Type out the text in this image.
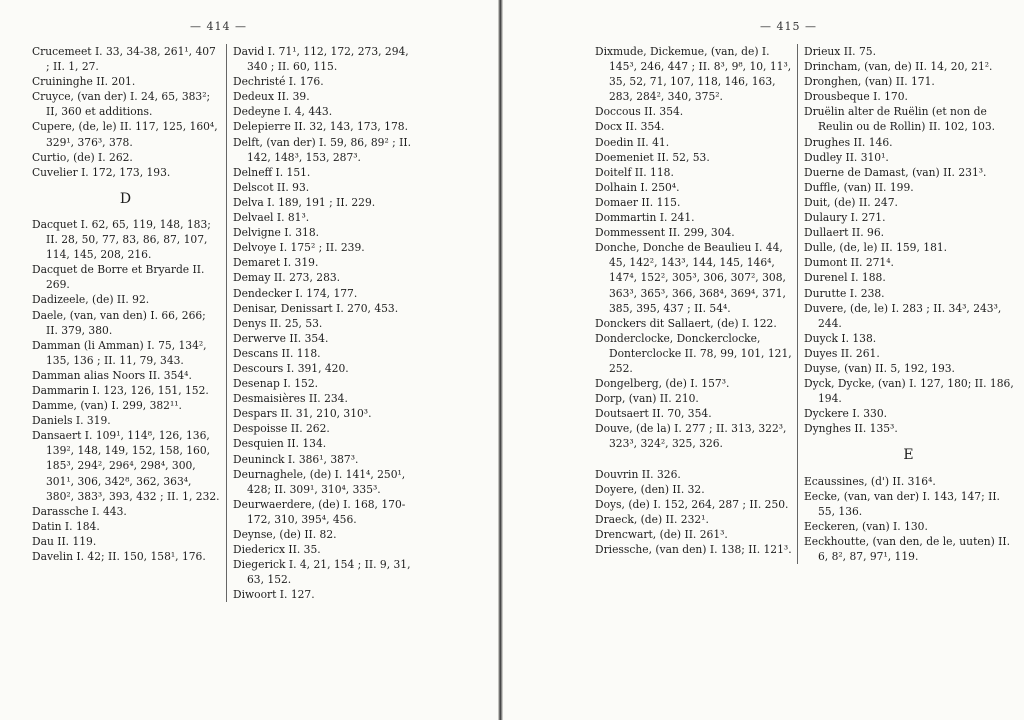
— 414 —
Crucemeet I. 33, 34-38, 261¹, 407 ; II. 1, 27.
Cruininghe II. 201.
Cruyce, (van der) I. 24, 65, 383²; II, 360 et additions.
Cupere, (de, le) II. 117, 125, 160⁴, 329¹, 376³, 378.
Curtio, (de) I. 262.
Cuvelier I. 172, 173, 193.
D
Dacquet I. 62, 65, 119, 148, 183; II. 28, 50, 77, 83, 86, 87, 107, 114, 145, 208, 216.
Dacquet de Borre et Bryarde II. 269.
Dadizeele, (de) II. 92.
Daele, (van, van den) I. 66, 266; II. 379, 380.
Damman (li Amman) I. 75, 134², 135, 136 ; II. 11, 79, 343.
Damman alias Noors II. 354⁴.
Dammarin I. 123, 126, 151, 152.
Damme, (van) I. 299, 382¹¹.
Daniels I. 319.
Dansaert I. 109¹, 114⁸, 126, 136, 139², 148, 149, 152, 158, 160, 185³, 294², 296⁴, 298⁴, 300, 301¹, 306, 342⁸, 362, 363⁴, 380², 383³, 393, 432 ; II. 1, 232.
Darassche I. 443.
Datin I. 184.
Dau II. 119.
Davelin I. 42; II. 150, 158¹, 176.
David I. 71¹, 112, 172, 273, 294, 340 ; II. 60, 115.
Dechristé I. 176.
Dedeux II. 39.
Dedeyne I. 4, 443.
Delepierre II. 32, 143, 173, 178.
Delft, (van der) I. 59, 86, 89² ; II. 142, 148³, 153, 287³.
Delneff I. 151.
Delscot II. 93.
Delva I. 189, 191 ; II. 229.
Delvael I. 81³.
Delvigne I. 318.
Delvoye I. 175² ; II. 239.
Demaret I. 319.
Demay II. 273, 283.
Dendecker I. 174, 177.
Denisar, Denissart I. 270, 453.
Denys II. 25, 53.
Derwerve II. 354.
Descans II. 118.
Descours I. 391, 420.
Desenap I. 152.
Desmaisières II. 234.
Despars II. 31, 210, 310³.
Despoisse II. 262.
Desquien II. 134.
Deuninck I. 386¹, 387³.
Deurnaghele, (de) I. 141⁴, 250¹, 428; II. 309¹, 310⁴, 335³.
Deurwaerdere, (de) I. 168, 170-172, 310, 395⁴, 456.
Deynse, (de) II. 82.
Diedericx II. 35.
Diegerick I. 4, 21, 154 ; II. 9, 31, 63, 152.
Diwoort I. 127.
— 415 —
Dixmude, Dickemue, (van, de) I. 145³, 246, 447 ; II. 8³, 9⁸, 10, 11³, 35, 52, 71, 107, 118, 146, 163, 283, 284², 340, 375².
Doccous II. 354.
Docx II. 354.
Doedin II. 41.
Doemeniet II. 52, 53.
Doitelf II. 118.
Dolhain I. 250⁴.
Domaer II. 115.
Dommartin I. 241.
Dommessent II. 299, 304.
Donche, Donche de Beaulieu I. 44, 45, 142², 143³, 144, 145, 146⁴, 147⁴, 152², 305³, 306, 307², 308, 363³, 365³, 366, 368⁴, 369⁴, 371, 385, 395, 437 ; II. 54⁴.
Donckers dit Sallaert, (de) I. 122.
Donderclocke, Donckerclocke, Donterclocke II. 78, 99, 101, 121, 252.
Dongelberg, (de) I. 157³.
Dorp, (van) II. 210.
Doutsaert II. 70, 354.
Douve, (de la) I. 277 ; II. 313, 322³, 323³, 324², 325, 326.
Douvrin II. 326.
Doyere, (den) II. 32.
Doys, (de) I. 152, 264, 287 ; II. 250.
Draeck, (de) II. 232¹.
Drencwart, (de) II. 261³.
Driessche, (van den) I. 138; II. 121³.
Drieux II. 75.
Drincham, (van, de) II. 14, 20, 21².
Dronghen, (van) II. 171.
Drousbeque I. 170.
Druëlin alter de Ruëlin (et non de Reulin ou de Rollin) II. 102, 103.
Drughes II. 146.
Dudley II. 310¹.
Duerne de Damast, (van) II. 231³.
Duffle, (van) II. 199.
Duit, (de) II. 247.
Dulaury I. 271.
Dullaert II. 96.
Dulle, (de, le) II. 159, 181.
Dumont II. 271⁴.
Durenel I. 188.
Durutte I. 238.
Duvere, (de, le) I. 283 ; II. 34³, 243³, 244.
Duyck I. 138.
Duyes II. 261.
Duyse, (van) II. 5, 192, 193.
Dyck, Dycke, (van) I. 127, 180; II. 186, 194.
Dyckere I. 330.
Dynghes II. 135³.
E
Ecaussines, (d') II. 316⁴.
Eecke, (van, van der) I. 143, 147; II. 55, 136.
Eeckeren, (van) I. 130.
Eeckhoutte, (van den, de le, uuten) II. 6, 8², 87, 97¹, 119.
